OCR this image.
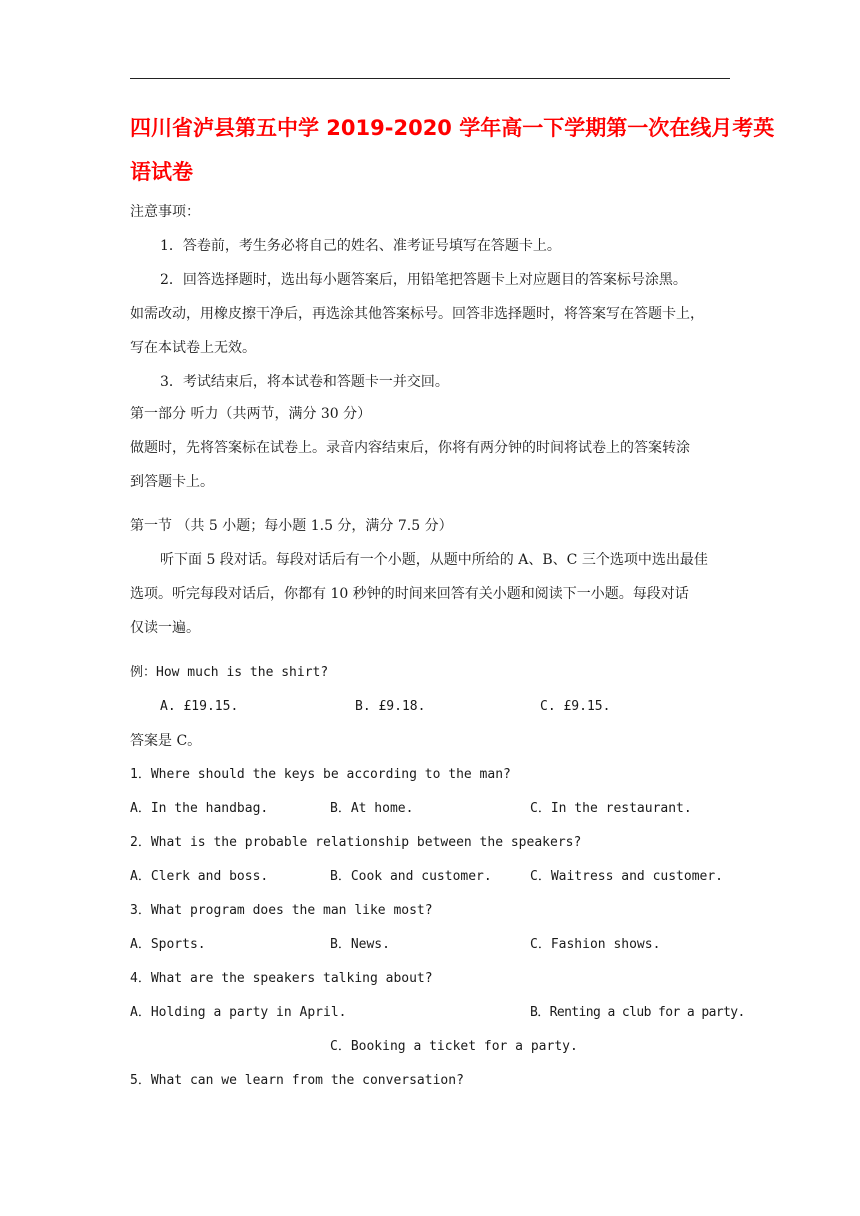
四川省泸县第五中学 2019-2020 学年高一下学期第一次在线月考英
语试卷
注意事项：
1．答卷前，考生务必将自己的姓名、准考证号填写在答题卡上。
2．回答选择题时，选出每小题答案后，用铅笔把答题卡上对应题目的答案标号涂黑。
如需改动，用橡皮擦干净后，再选涂其他答案标号。回答非选择题时，将答案写在答题卡上，
写在本试卷上无效。
3．考试结束后，将本试卷和答题卡一并交回。
第一部分 听力（共两节，满分 30 分）
做题时，先将答案标在试卷上。录音内容结束后，你将有两分钟的时间将试卷上的答案转涂
到答题卡上。
第一节 （共 5 小题；每小题 1.5 分，满分 7.5 分）
听下面 5 段对话。每段对话后有一个小题，从题中所给的 A、B、C 三个选项中选出最佳
选项。听完每段对话后，你都有 10 秒钟的时间来回答有关小题和阅读下一小题。每段对话
仅读一遍。
例：How much is the shirt?
A. £19.15.	B. £9.18.	C. £9.15.
答案是 C。
1．Where should the keys be according to the man?
A．In the handbag.	B．At home.	C．In the restaurant.
2．What is the probable relationship between the speakers?
A．Clerk and boss.	B．Cook and customer.	C．Waitress and customer.
3．What program does the man like most?
A．Sports.	B．News.	C．Fashion shows.
4．What are the speakers talking about?
A．Holding a party in April.	B．Renting a club for a party.
C．Booking a ticket for a party.
5．What can we learn from the conversation?
